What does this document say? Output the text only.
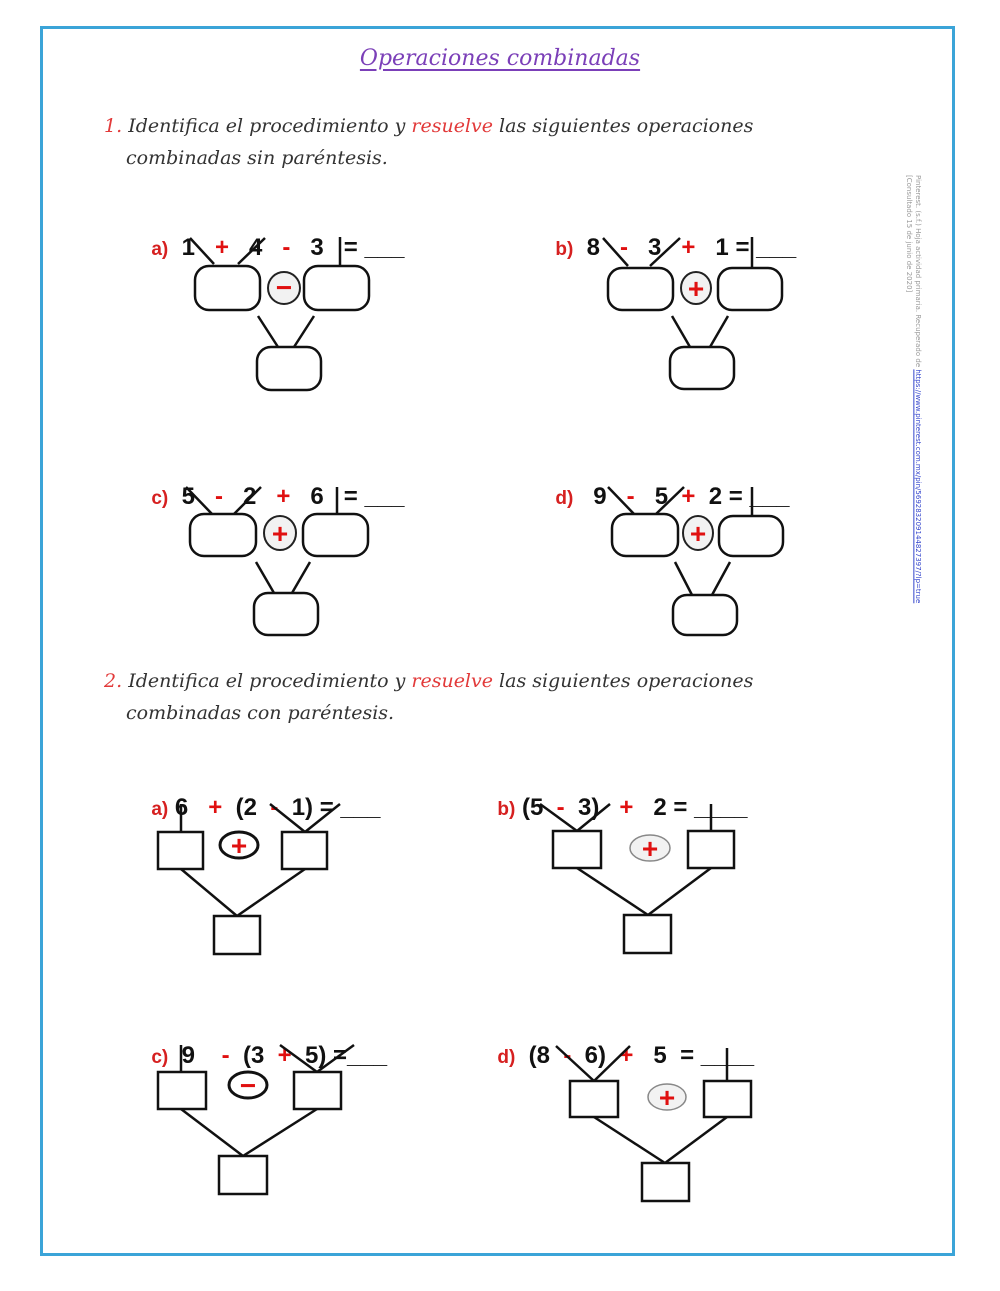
Operaciones combinadas
1. Identifica el procedimiento y resuelve las siguientes operaciones
combinadas sin paréntesis.
2. Identifica el procedimiento y resuelve las siguientes operaciones
combinadas con paréntesis.
Pinterest. (s.f.) Hoja actividad primaria. Recuperado de https://www.pinterest.com.mx/pin/569283209144827397/?lp=true [Consultado 15 de junio de 2020]

a) 1 + 4 - 3 = ___	b) 8 - 3 + 1 = ___

c) 5 - 2 + 6 = ___	d) 9 - 5 + 2 = ___

a) 6 + (2 - 1) = ___	b) (5 - 3) + 2 = ____

c) 9 - (3 + 5) =___	d) (8 - 6) + 5 = ____

−	+
+	+
+	+
−	+
